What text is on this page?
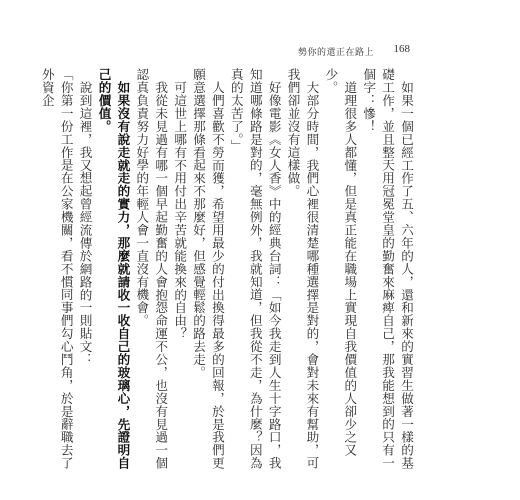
勢你的還正在路上 168

如果一個已經工作了五、六年的人，還和新來的實習生做著一樣的基礎工作，並且整天用冠冕堂皇的勤奮來麻痺自己，那我能想到的只有一個字：慘！

道理很多人都懂，但是真正能在職場上實現自我價值的人卻少之又少。

大部分時間，我們心裡很清楚哪種選擇是對的，會對未來有幫助，可我們卻並沒有這樣做。

好像電影《女人香》中的經典台詞：「如今我走到人生十字路口，我知道哪條路是對的，毫無例外，我就知道，但我從不走，為什麼？因為真的太苦了。」

人們喜歡不勞而獲，希望用最少的付出換得最多的回報，於是我們更願意選擇那條看起來不那麼好，但感覺輕鬆的路去走。

可這世上哪有不用付出辛苦就能換來的自由？

我從未見過有哪一個早起勤奮的人會抱怨命運不公，也沒有見過一個認真負責努力好學的年輕人會一直沒有機會。

如果沒有說走就走的實力，那麼就請收一收自己的玻璃心，先證明自己的價值。

說到這裡，我又想起曾經流傳於網路的一則貼文：

「你第一份工作是在公家機關，看不慣同事們勾心鬥角，於是辭職去了外資企
